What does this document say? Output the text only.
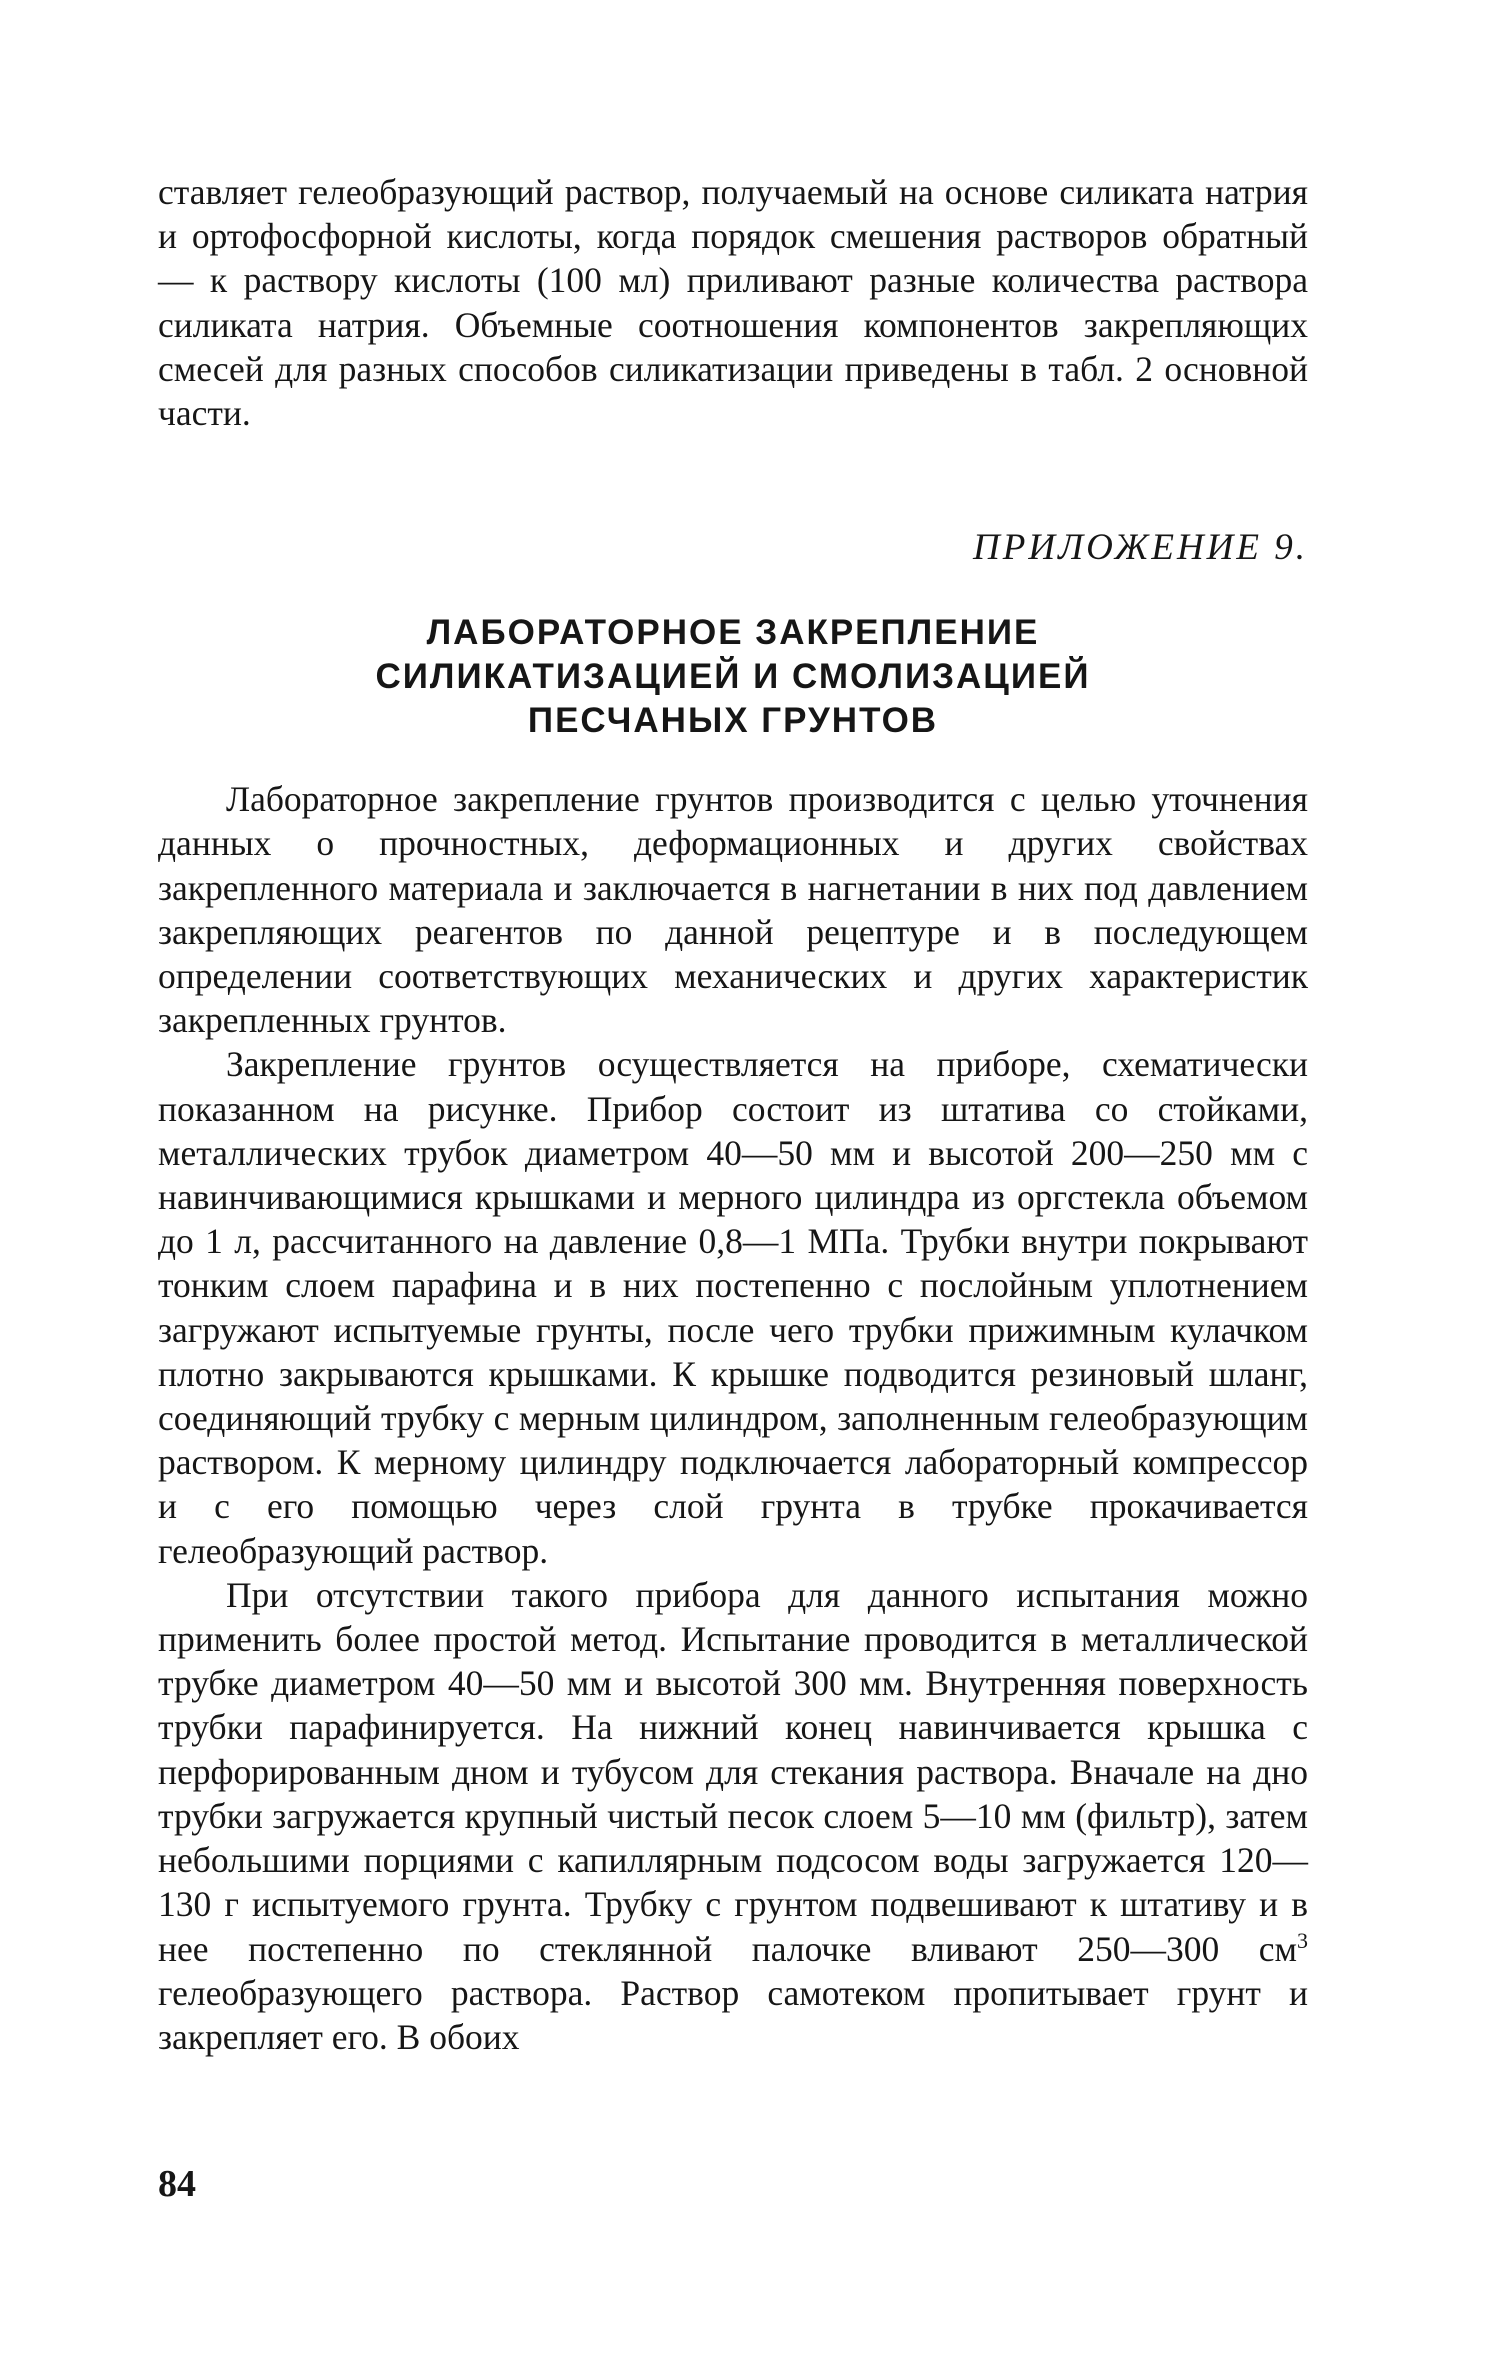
ставляет гелеобразующий раствор, получаемый на основе силиката натрия и ортофосфорной кислоты, когда порядок смешения растворов обратный — к раствору кислоты (100 мл) приливают разные количества раствора силиката натрия. Объемные соотношения компонентов закрепляющих смесей для разных способов силикатизации приведены в табл. 2 основной части.

ПРИЛОЖЕНИЕ 9.
ЛАБОРАТОРНОЕ ЗАКРЕПЛЕНИЕ
СИЛИКАТИЗАЦИЕЙ И СМОЛИЗАЦИЕЙ
ПЕСЧАНЫХ ГРУНТОВ

Лабораторное закрепление грунтов производится с целью уточнения данных о прочностных, деформационных и других свойствах закрепленного материала и заключается в нагнетании в них под давлением закрепляющих реагентов по данной рецептуре и в последующем определении соответствующих механических и других характеристик закрепленных грунтов.

Закрепление грунтов осуществляется на приборе, схематически показанном на рисунке. Прибор состоит из штатива со стойками, металлических трубок диаметром 40—50 мм и высотой 200—250 мм с навинчивающимися крышками и мерного цилиндра из оргстекла объемом до 1 л, рассчитанного на давление 0,8—1 МПа. Трубки внутри покрывают тонким слоем парафина и в них постепенно с послойным уплотнением загружают испытуемые грунты, после чего трубки прижимным кулачком плотно закрываются крышками. К крышке подводится резиновый шланг, соединяющий трубку с мерным цилиндром, заполненным гелеобразующим раствором. К мерному цилиндру подключается лабораторный компрессор и с его помощью через слой грунта в трубке прокачивается гелеобразующий раствор.

При отсутствии такого прибора для данного испытания можно применить более простой метод. Испытание проводится в металлической трубке диаметром 40—50 мм и высотой 300 мм. Внутренняя поверхность трубки парафинируется. На нижний конец навинчивается крышка с перфорированным дном и тубусом для стекания раствора. Вначале на дно трубки загружается крупный чистый песок слоем 5—10 мм (фильтр), затем небольшими порциями с капиллярным подсосом воды загружается 120—130 г испытуемого грунта. Трубку с грунтом подвешивают к штативу и в нее постепенно по стеклянной палочке вливают 250—300 $см^3$ гелеобразующего раствора. Раствор самотеком пропитывает грунт и закрепляет его. В обоих

84
